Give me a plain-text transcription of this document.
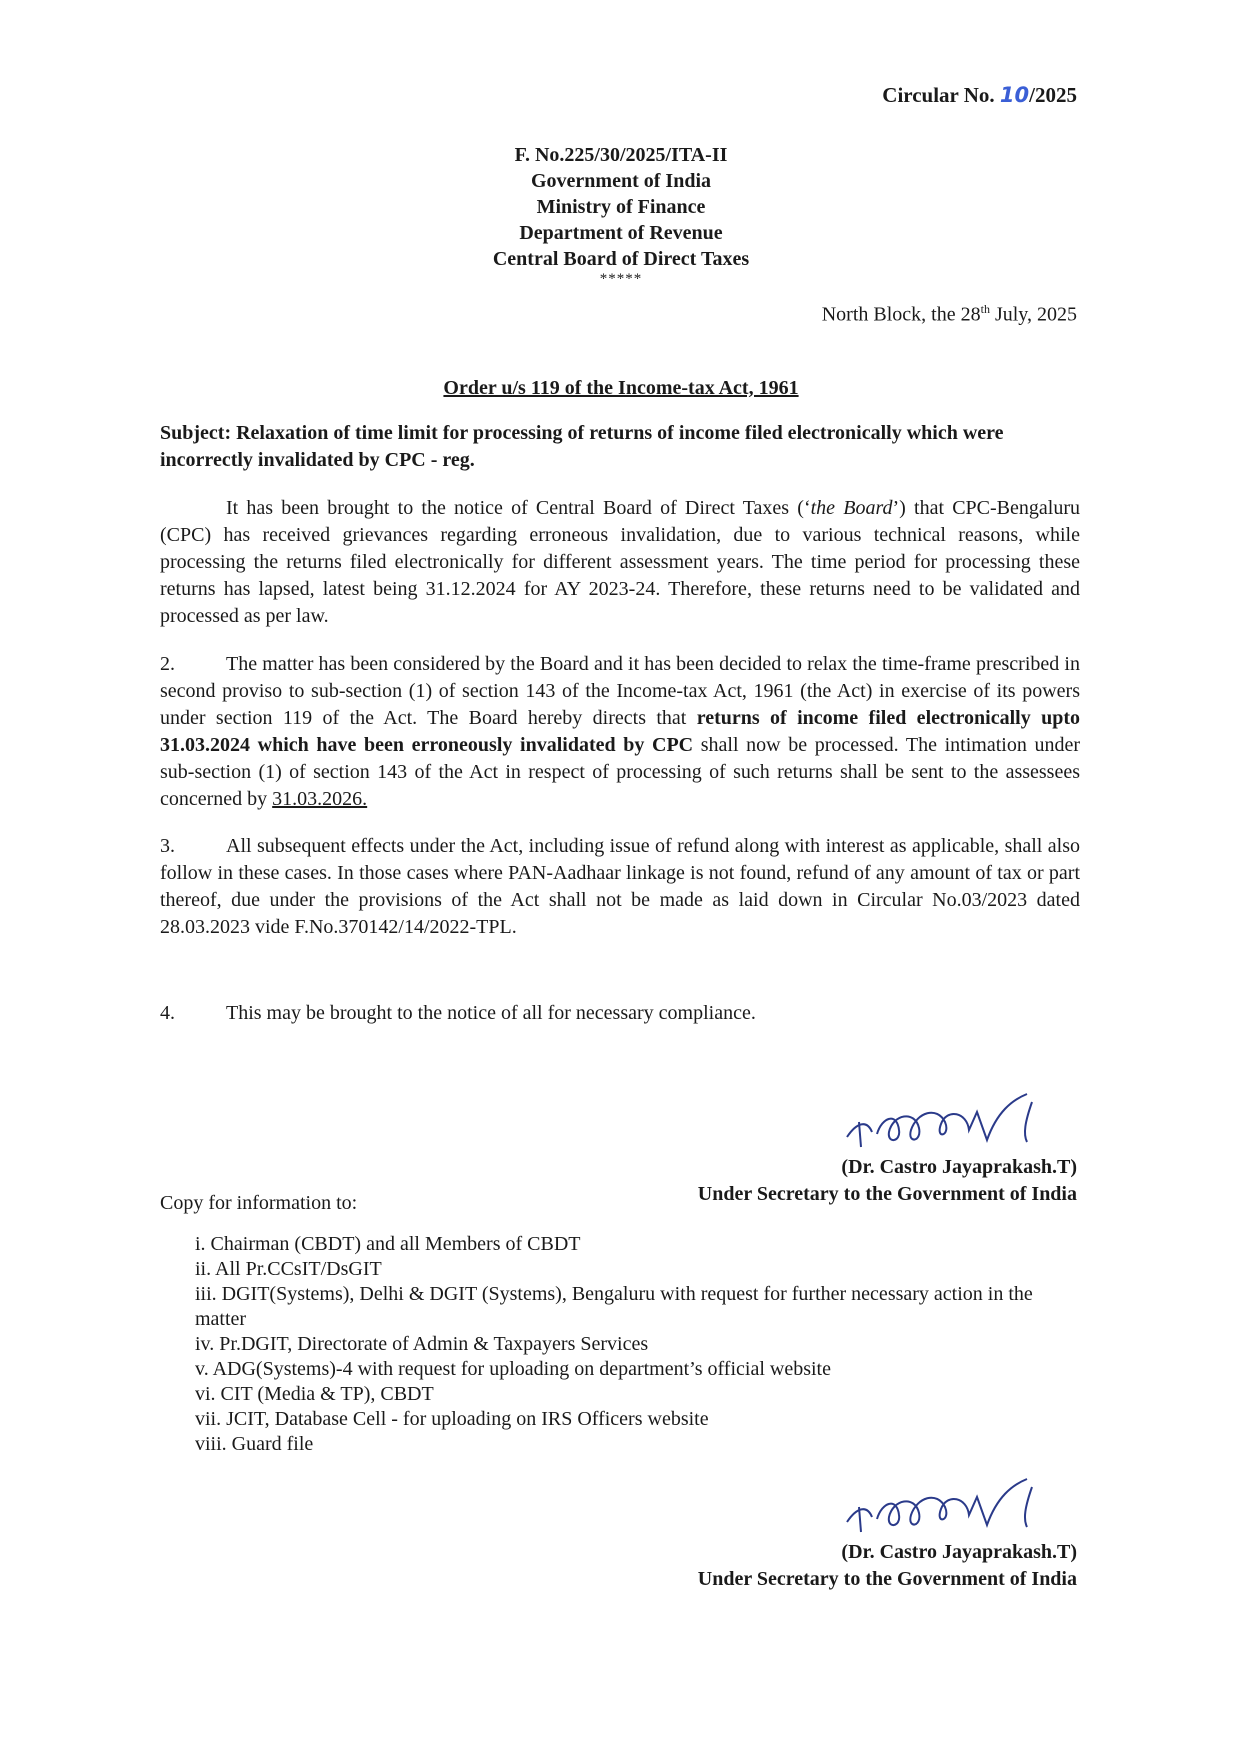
Circular No. 10/2025
F. No.225/30/2025/ITA-II
Government of India
Ministry of Finance
Department of Revenue
Central Board of Direct Taxes
*****
North Block, the 28th July, 2025
Order u/s 119 of the Income-tax Act, 1961
Subject: Relaxation of time limit for processing of returns of income filed electronically which were incorrectly invalidated by CPC - reg.
It has been brought to the notice of Central Board of Direct Taxes (‘the Board’) that CPC-Bengaluru (CPC) has received grievances regarding erroneous invalidation, due to various technical reasons, while processing the returns filed electronically for different assessment years. The time period for processing these returns has lapsed, latest being 31.12.2024 for AY 2023-24. Therefore, these returns need to be validated and processed as per law.
2.	The matter has been considered by the Board and it has been decided to relax the time-frame prescribed in second proviso to sub-section (1) of section 143 of the Income-tax Act, 1961 (the Act) in exercise of its powers under section 119 of the Act. The Board hereby directs that returns of income filed electronically upto 31.03.2024 which have been erroneously invalidated by CPC shall now be processed. The intimation under sub-section (1) of section 143 of the Act in respect of processing of such returns shall be sent to the assessees concerned by 31.03.2026.
3.	All subsequent effects under the Act, including issue of refund along with interest as applicable, shall also follow in these cases. In those cases where PAN-Aadhaar linkage is not found, refund of any amount of tax or part thereof, due under the provisions of the Act shall not be made as laid down in Circular No.03/2023 dated 28.03.2023 vide F.No.370142/14/2022-TPL.
4.	This may be brought to the notice of all for necessary compliance.
(Dr. Castro Jayaprakash.T)
Under Secretary to the Government of India
Copy for information to:
i. Chairman (CBDT) and all Members of CBDT
ii. All Pr.CCsIT/DsGIT
iii. DGIT(Systems), Delhi & DGIT (Systems), Bengaluru with request for further necessary action in the matter
iv. Pr.DGIT, Directorate of Admin & Taxpayers Services
v. ADG(Systems)-4 with request for uploading on department’s official website
vi. CIT (Media & TP), CBDT
vii. JCIT, Database Cell - for uploading on IRS Officers website
viii. Guard file
(Dr. Castro Jayaprakash.T)
Under Secretary to the Government of India
